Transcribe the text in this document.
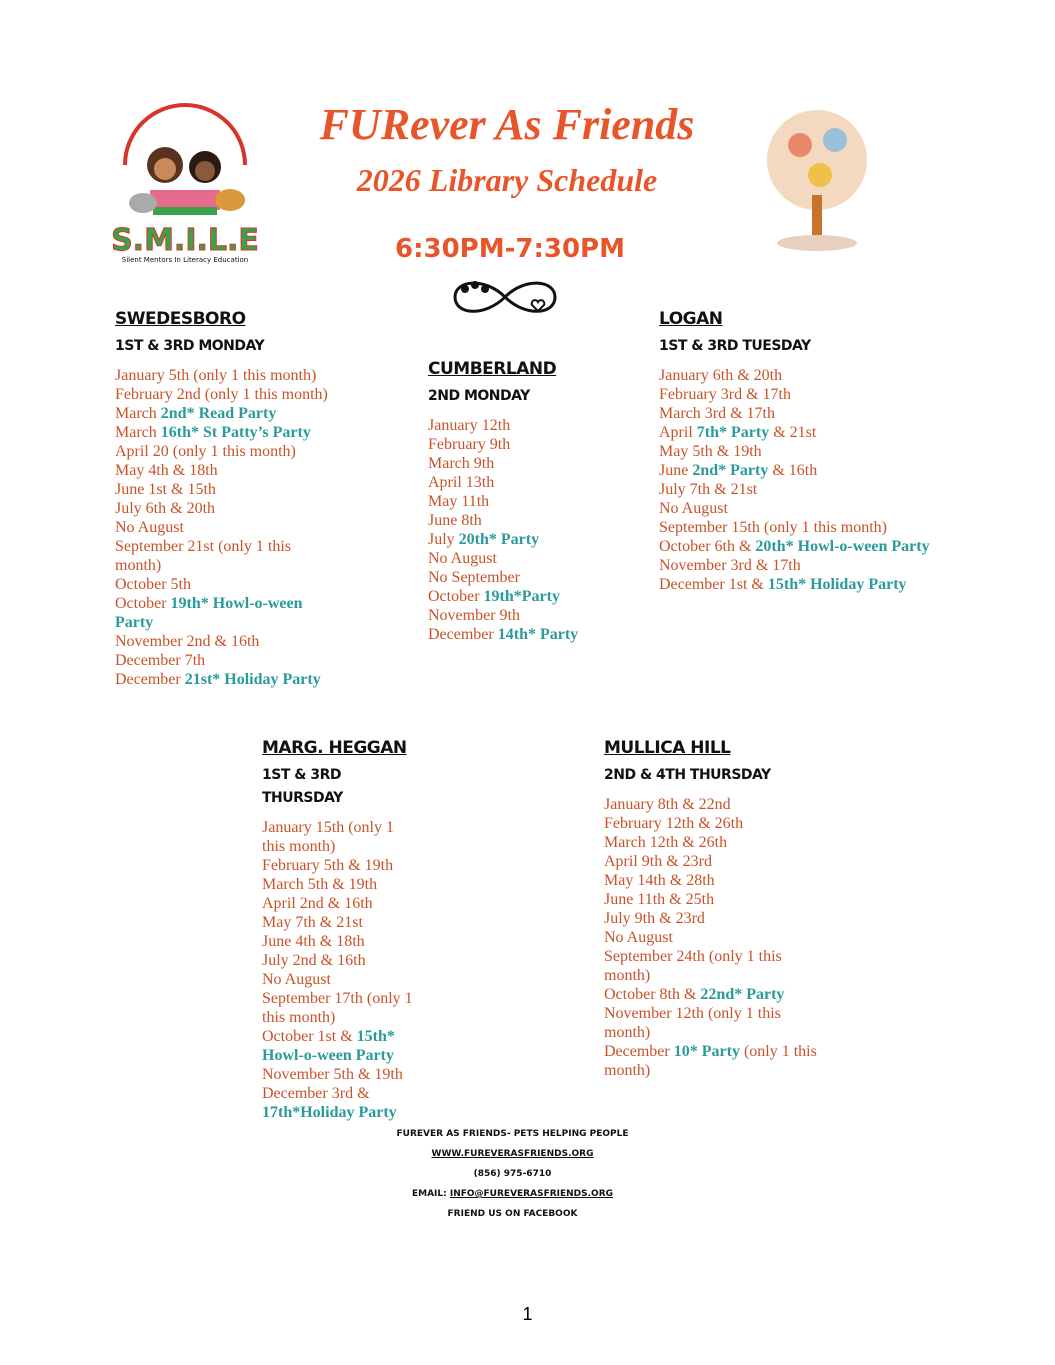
S.M.I.L.E
Silent Mentors In Literacy Education
FURever As Friends
2026 Library Schedule
6:30PM-7:30PM
SWEDESBORO
1ST & 3RD MONDAY
January 5th (only 1 this month)
February 2nd (only 1 this month)
March 2nd* Read Party
March 16th* St Patty’s Party
April 20 (only 1 this month)
May 4th & 18th
June 1st & 15th
July 6th & 20th
No August
September 21st (only 1 this month)
October 5th
October 19th* Howl-o-ween Party
November 2nd & 16th
December 7th
December 21st* Holiday Party
CUMBERLAND
2ND MONDAY
January 12th
February 9th
March 9th
April 13th
May 11th
June 8th
July 20th* Party
No August
No September
October 19th*Party
November 9th
December 14th* Party
LOGAN
1ST & 3RD TUESDAY
January 6th & 20th
February 3rd & 17th
March 3rd & 17th
April 7th* Party & 21st
May 5th & 19th
June 2nd* Party & 16th
July 7th & 21st
No August
September 15th (only 1 this month)
October 6th & 20th* Howl-o-ween Party
November 3rd & 17th
December 1st & 15th* Holiday Party
MARG. HEGGAN
1ST & 3RD THURSDAY
January 15th (only 1 this month)
February 5th & 19th
March 5th & 19th
April 2nd & 16th
May 7th & 21st
June 4th & 18th
July 2nd & 16th
No August
September 17th (only 1 this month)
October 1st & 15th* Howl-o-ween Party
November 5th & 19th
December 3rd & 17th*Holiday Party
MULLICA HILL
2ND & 4TH THURSDAY
January 8th & 22nd
February 12th & 26th
March 12th & 26th
April 9th & 23rd
May 14th & 28th
June 11th & 25th
July 9th & 23rd
No August
September 24th (only 1 this month)
October 8th & 22nd* Party
November 12th (only 1 this month)
December 10* Party (only 1 this month)
FUREVER AS FRIENDS- PETS HELPING PEOPLE
WWW.FUREVERASFRIENDS.ORG
(856) 975-6710
EMAIL: INFO@FUREVERASFRIENDS.ORG
FRIEND US ON FACEBOOK
1
